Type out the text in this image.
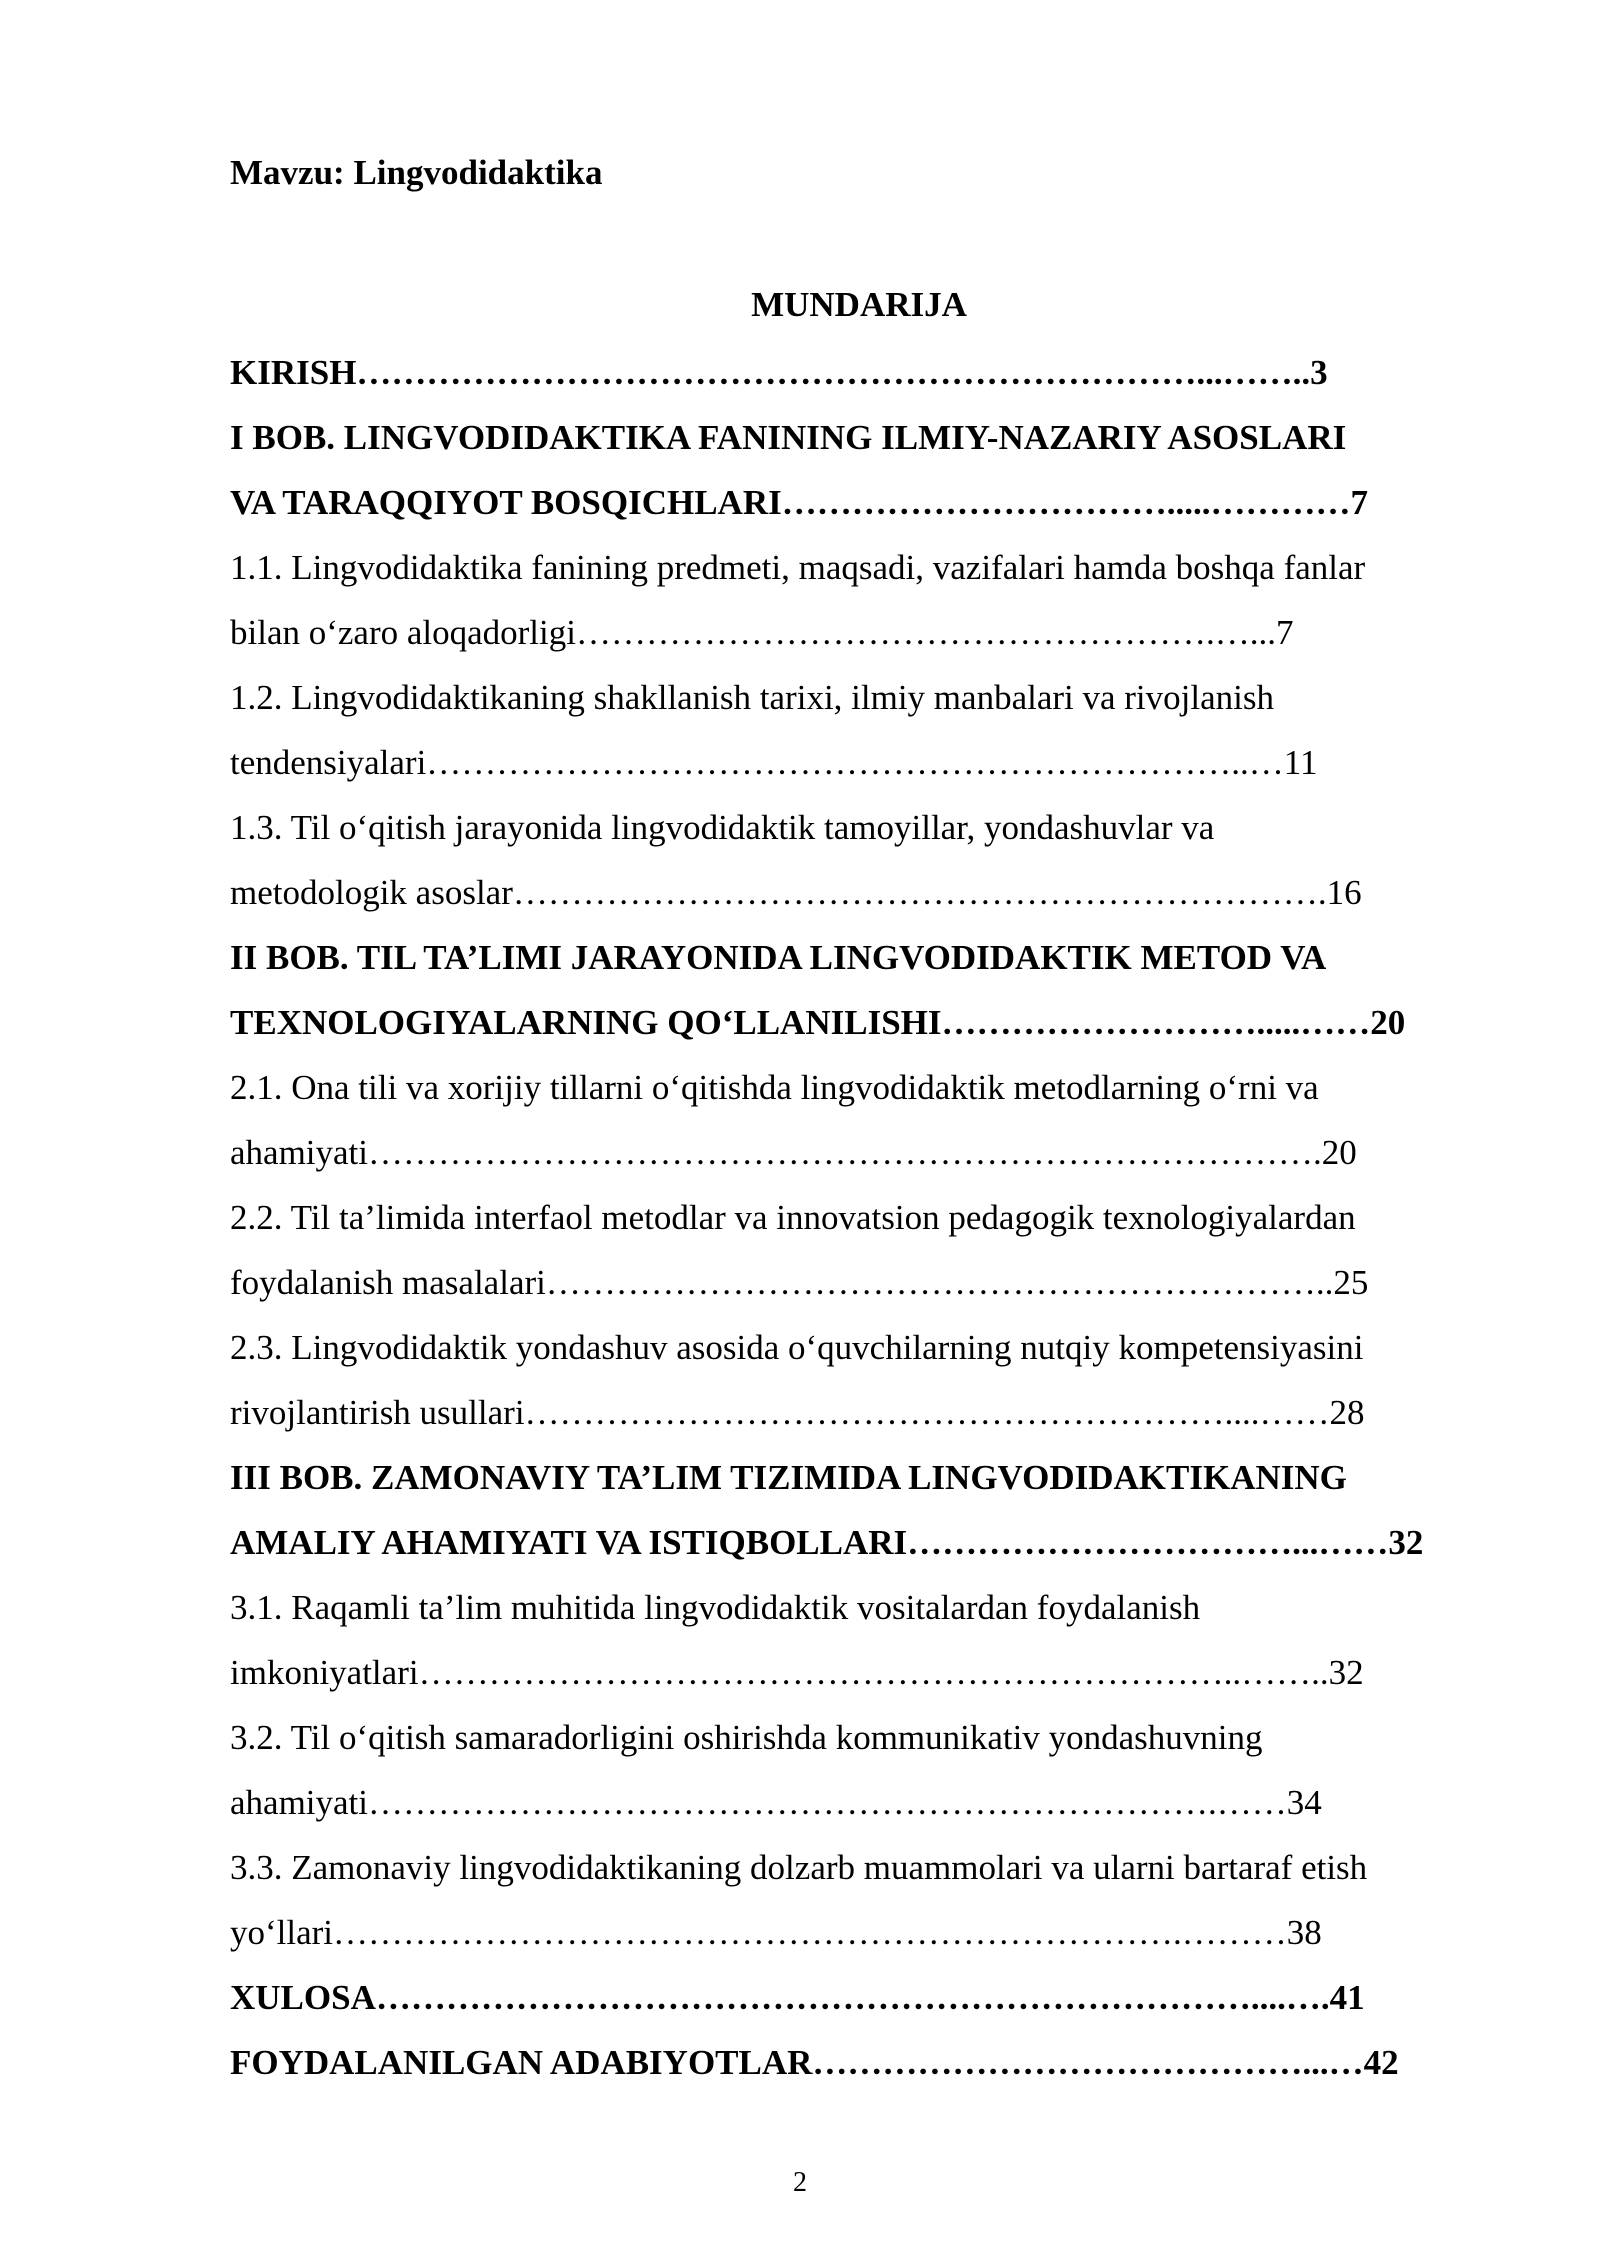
Mavzu: Lingvodidaktika
MUNDARIJA
KIRISH………………………………………………………………...……..3
I BOB. LINGVODIDAKTIKA FANINING ILMIY-NAZARIY ASOSLARI
VA TARAQQIYOT BOSQICHLARI…………………………….....…………7
1.1. Lingvodidaktika fanining predmeti, maqsadi, vazifalari hamda boshqa fanlar
bilan o‘zaro aloqadorligi……………………………………………….…...7
1.2. Lingvodidaktikaning shakllanish tarixi, ilmiy manbalari va rivojlanish
tendensiyalari……………………………………………………………..…11
1.3. Til o‘qitish jarayonida lingvodidaktik tamoyillar, yondashuvlar va
metodologik asoslar…………………………………………………………….16
II BOB. TIL TA’LIMI JARAYONIDA LINGVODIDAKTIK METOD VA
TEXNOLOGIYALARNING QO‘LLANILISHI……………………….....……20
2.1. Ona tili va xorijiy tillarni o‘qitishda lingvodidaktik metodlarning o‘rni va
ahamiyati……………………………………………………………………….20
2.2. Til ta’limida interfaol metodlar va innovatsion pedagogik texnologiyalardan
foydalanish masalalari…………………………………………………………..25
2.3. Lingvodidaktik yondashuv asosida o‘quvchilarning nutqiy kompetensiyasini
rivojlantirish usullari……………………………………………………....……28
III BOB. ZAMONAVIY TA’LIM TIZIMIDA LINGVODIDAKTIKANING
AMALIY AHAMIYATI VA ISTIQBOLLARI……………………………...……32
3.1. Raqamli ta’lim muhitida lingvodidaktik vositalardan foydalanish
imkoniyatlari……………………………………………………………..……..32
3.2. Til o‘qitish samaradorligini oshirishda kommunikativ yondashuvning
ahamiyati……………………………………………………………….……34
3.3. Zamonaviy lingvodidaktikaning dolzarb muammolari va ularni bartaraf etish
yo‘llari……………………………………………………………….………38
XULOSA…………………………………………………………………....….41
FOYDALANILGAN ADABIYOTLAR……………………………………...…42
2
